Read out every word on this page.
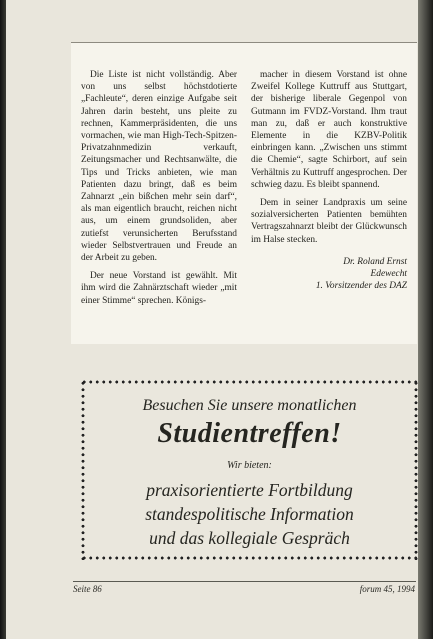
Die Liste ist nicht vollständig. Aber von uns selbst höchstdotierte „Fachleute“, deren einzige Aufgabe seit Jahren darin besteht, uns pleite zu rechnen, Kammerpräsidenten, die uns vormachen, wie man High-Tech-Spitzen-Privatzahnmedizin verkauft, Zeitungsmacher und Rechtsanwälte, die Tips und Tricks anbieten, wie man Patienten dazu bringt, daß es beim Zahnarzt „ein bißchen mehr sein darf“, als man eigentlich braucht, reichen nicht aus, um einem grundsoliden, aber zutiefst verunsicherten Berufsstand wieder Selbstvertrauen und Freude an der Arbeit zu geben.

Der neue Vorstand ist gewählt. Mit ihm wird die Zahnärztschaft wieder „mit einer Stimme“ sprechen. Königs-

macher in diesem Vorstand ist ohne Zweifel Kollege Kuttruff aus Stuttgart, der bisherige liberale Gegenpol von Gutmann im FVDZ-Vorstand. Ihm traut man zu, daß er auch konstruktive Elemente in die KZBV-Politik einbringen kann. „Zwischen uns stimmt die Chemie“, sagte Schirbort, auf sein Verhältnis zu Kuttruff angesprochen. Der schwieg dazu. Es bleibt spannend.

Dem in seiner Landpraxis um seine sozialversicherten Patienten bemühten Vertragszahnarzt bleibt der Glückwunsch im Halse stecken.

Dr. Roland Ernst
Edewecht
1. Vorsitzender des DAZ
Besuchen Sie unsere monatlichen
Studientreffen!
Wir bieten:
praxisorientierte Fortbildung
standespolitische Information
und das kollegiale Gespräch
Seite 86	forum 45, 1994
